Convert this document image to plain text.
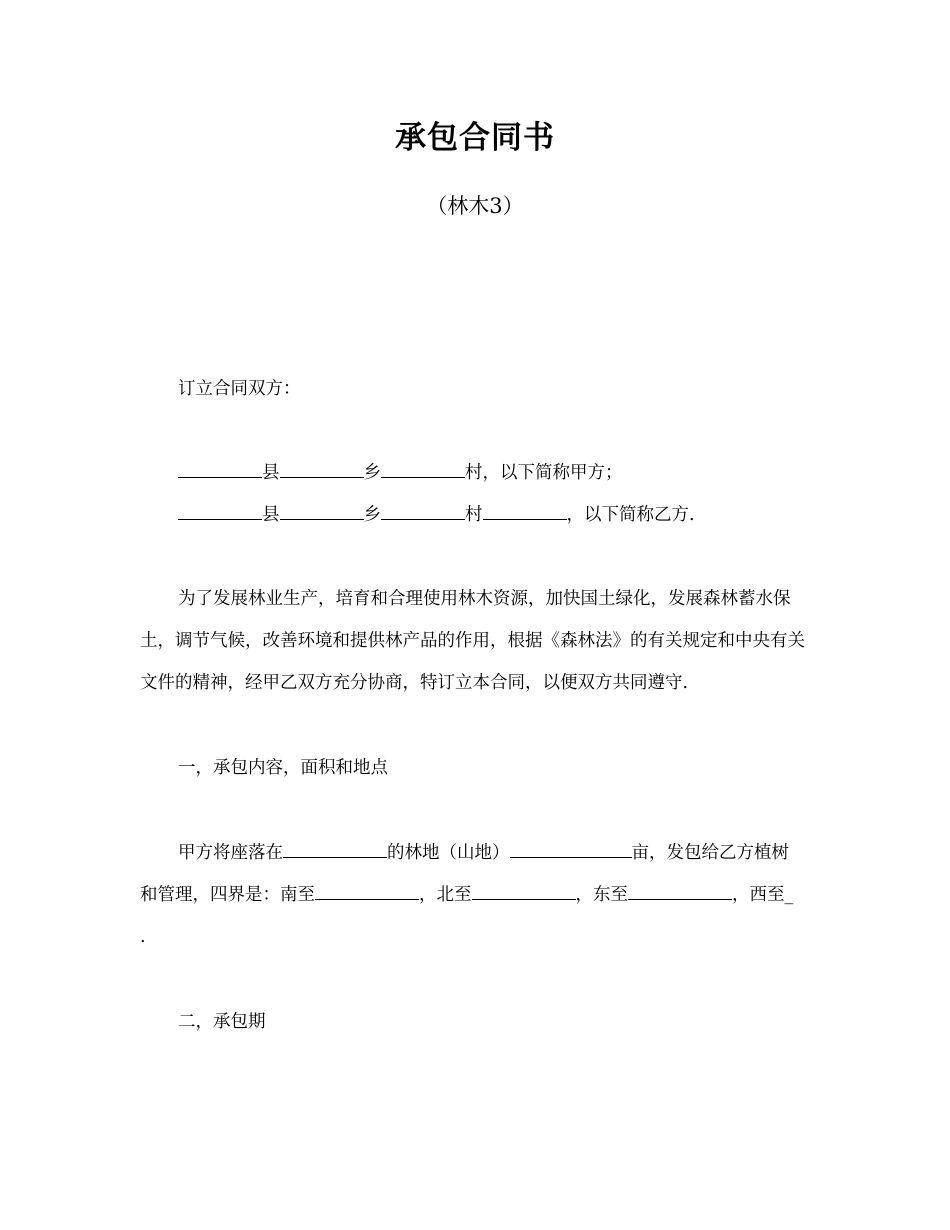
承包合同书
（林木3）
订立合同双方：
县	乡	村，以下简称甲方；
县	乡	村	，以下简称乙方.
为了发展林业生产，培育和合理使用林木资源，加快国土绿化，发展森林蓄水保
土，调节气候，改善环境和提供林产品的作用，根据《森林法》的有关规定和中央有关
文件的精神，经甲乙双方充分协商，特订立本合同，以便双方共同遵守.
一，承包内容，面积和地点
甲方将座落在	的林地（山地）	亩，发包给乙方植树
和管理，四界是：南至	，北至	，东至	，西至_
.
二，承包期
